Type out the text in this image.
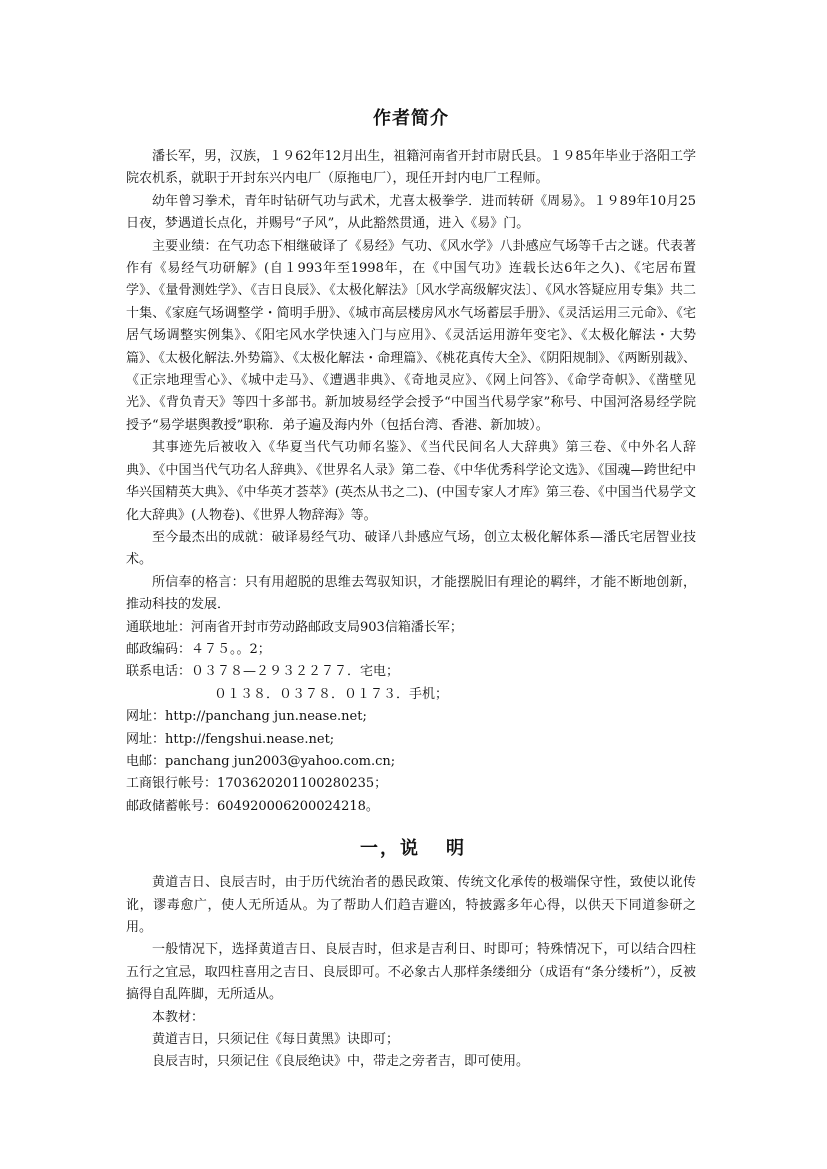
作者简介

潘长军，男，汉族，１９62年12月出生，祖籍河南省开封市尉氏县。１９85年毕业于洛阳工学院农机系，就职于开封东兴内电厂（原拖电厂），现任开封内电厂工程师。

幼年曾习拳术，青年时钻研气功与武术，尤喜太极拳学．进而转研《周易》。１９89年10月25日夜，梦遇道长点化，并赐号“子风”，从此豁然贯通，进入《易》门。

主要业绩：在气功态下相继破译了《易经》气功、《风水学》八卦感应气场等千古之谜。代表著作有《易经气功研解》(自１993年至1998年，在《中国气功》连载长达6年之久)、《宅居布置学》、《量骨测姓学》、《吉日良辰》、《太极化解法》〔风水学高级解灾法〕、《风水答疑应用专集》共二十集、《家庭气场调整学・简明手册》、《城市高层楼房风水气场蓄层手册》、《灵活运用三元命》、《宅居气场调整实例集》、《阳宅风水学快速入门与应用》、《灵活运用游年变宅》、《太极化解法・大势篇》、《太极化解法.外势篇》、《太极化解法・命理篇》、《桃花真传大全》、《阴阳规制》、《两断别裁》、《正宗地理雪心》、《城中走马》、《遭遇非典》、《奇地灵应》、《网上问答》、《命学奇帜》、《凿壁见光》、《背负青天》等四十多部书。新加坡易经学会授予“中国当代易学家”称号、中国河洛易经学院授予“易学堪舆教授”职称．弟子遍及海内外（包括台湾、香港、新加坡）。

其事迹先后被收入《华夏当代气功师名鉴》、《当代民间名人大辞典》第三卷、《中外名人辞典》、《中国当代气功名人辞典》、《世界名人录》第二卷、《中华优秀科学论文选》、《国魂—跨世纪中华兴国精英大典》、《中华英才荟萃》(英杰从书之二)、(中国专家人才库》第三卷、《中国当代易学文化大辞典》(人物卷)、《世界人物辞海》等。

至今最杰出的成就：破译易经气功、破译八卦感应气场，创立太极化解体系—潘氏宅居智业技术。

所信奉的格言：只有用超脱的思维去驾驭知识，才能摆脱旧有理论的羁绊，才能不断地创新，推动科技的发展．

通联地址：河南省开封市劳动路邮政支局903信箱潘长军；
邮政编码：４７５。。2；
联系电话：０３７８—２９３２２７７．宅电；
０１３８．０３７８．０１７３．手机；
网址：http://panchang jun.nease.net;
网址：http://fengshui.nease.net;
电邮：panchang jun2003@yahoo.com.cn;
工商银行帐号：1703620201100280235；
邮政储蓄帐号：604920006200024218。
一，说 明

黄道吉日、良辰吉时，由于历代统治者的愚民政策、传统文化承传的极端保守性，致使以讹传讹，谬毒愈广，使人无所适从。为了帮助人们趋吉避凶，特披露多年心得，以供天下同道参研之用。

一般情况下，选择黄道吉日、良辰吉时，但求是吉利日、时即可；特殊情况下，可以结合四柱五行之宜忌，取四柱喜用之吉日、良辰即可。不必象古人那样条缕细分（成语有“条分缕析”），反被搞得自乱阵脚，无所适从。

本教材：
黄道吉日，只须记住《每日黄黑》诀即可；
良辰吉时，只须记住《良辰绝诀》中，带走之旁者吉，即可使用。
